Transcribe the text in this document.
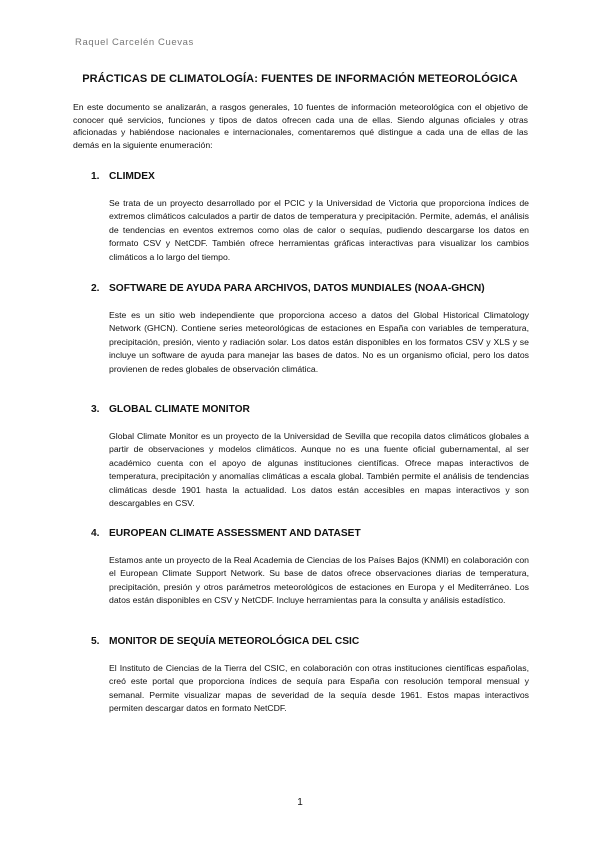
Raquel Carcelén Cuevas
PRÁCTICAS DE CLIMATOLOGÍA: FUENTES DE INFORMACIÓN METEOROLÓGICA

En este documento se analizarán, a rasgos generales, 10 fuentes de información meteorológica con el objetivo de conocer qué servicios, funciones y tipos de datos ofrecen cada una de ellas. Siendo algunas oficiales y otras aficionadas y habiéndose nacionales e internacionales, comentaremos qué distingue a cada una de ellas de las demás en la siguiente enumeración:

1. CLIMDEX

Se trata de un proyecto desarrollado por el PCIC y la Universidad de Victoria que proporciona índices de extremos climáticos calculados a partir de datos de temperatura y precipitación. Permite, además, el análisis de tendencias en eventos extremos como olas de calor o sequías, pudiendo descargarse los datos en formato CSV y NetCDF. También ofrece herramientas gráficas interactivas para visualizar los cambios climáticos a lo largo del tiempo.

2. SOFTWARE DE AYUDA PARA ARCHIVOS, DATOS MUNDIALES (NOAA-GHCN)

Este es un sitio web independiente que proporciona acceso a datos del Global Historical Climatology Network (GHCN). Contiene series meteorológicas de estaciones en España con variables de temperatura, precipitación, presión, viento y radiación solar. Los datos están disponibles en los formatos CSV y XLS y se incluye un software de ayuda para manejar las bases de datos. No es un organismo oficial, pero los datos provienen de redes globales de observación climática.

3. GLOBAL CLIMATE MONITOR

Global Climate Monitor es un proyecto de la Universidad de Sevilla que recopila datos climáticos globales a partir de observaciones y modelos climáticos. Aunque no es una fuente oficial gubernamental, al ser académico cuenta con el apoyo de algunas instituciones científicas. Ofrece mapas interactivos de temperatura, precipitación y anomalías climáticas a escala global. También permite el análisis de tendencias climáticas desde 1901 hasta la actualidad. Los datos están accesibles en mapas interactivos y son descargables en CSV.

4. EUROPEAN CLIMATE ASSESSMENT AND DATASET

Estamos ante un proyecto de la Real Academia de Ciencias de los Países Bajos (KNMI) en colaboración con el European Climate Support Network. Su base de datos ofrece observaciones diarias de temperatura, precipitación, presión y otros parámetros meteorológicos de estaciones en Europa y el Mediterráneo. Los datos están disponibles en CSV y NetCDF. Incluye herramientas para la consulta y análisis estadístico.

5. MONITOR DE SEQUÍA METEOROLÓGICA DEL CSIC

El Instituto de Ciencias de la Tierra del CSIC, en colaboración con otras instituciones científicas españolas, creó este portal que proporciona índices de sequía para España con resolución temporal mensual y semanal. Permite visualizar mapas de severidad de la sequía desde 1961. Estos mapas interactivos permiten descargar datos en formato NetCDF.

1
